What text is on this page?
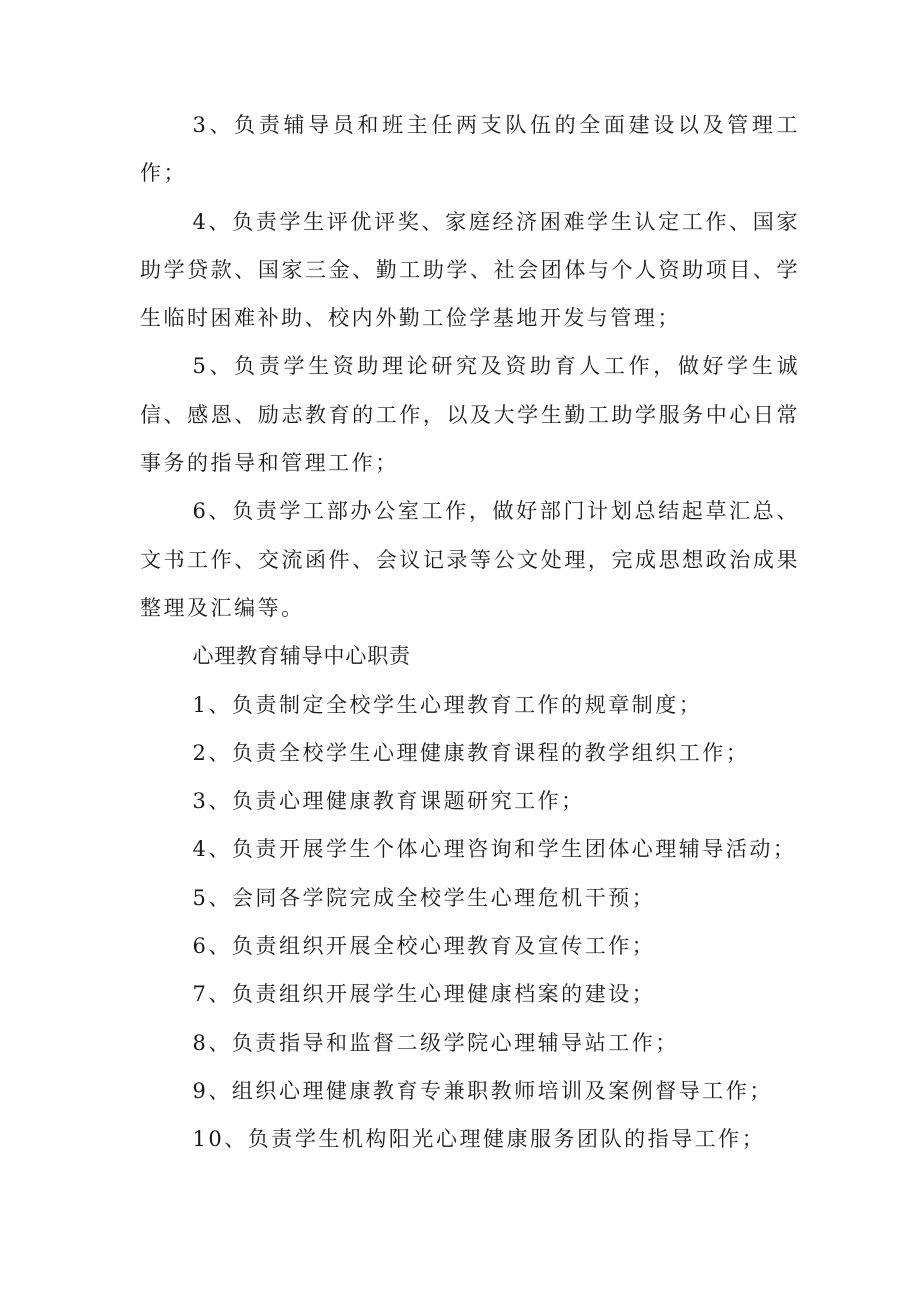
3、负责辅导员和班主任两支队伍的全面建设以及管理工作；

4、负责学生评优评奖、家庭经济困难学生认定工作、国家助学贷款、国家三金、勤工助学、社会团体与个人资助项目、学生临时困难补助、校内外勤工俭学基地开发与管理；

5、负责学生资助理论研究及资助育人工作，做好学生诚信、感恩、励志教育的工作，以及大学生勤工助学服务中心日常事务的指导和管理工作；

6、负责学工部办公室工作，做好部门计划总结起草汇总、文书工作、交流函件、会议记录等公文处理，完成思想政治成果整理及汇编等。

心理教育辅导中心职责

1、负责制定全校学生心理教育工作的规章制度；

2、负责全校学生心理健康教育课程的教学组织工作；

3、负责心理健康教育课题研究工作；

4、负责开展学生个体心理咨询和学生团体心理辅导活动；

5、会同各学院完成全校学生心理危机干预；

6、负责组织开展全校心理教育及宣传工作；

7、负责组织开展学生心理健康档案的建设；

8、负责指导和监督二级学院心理辅导站工作；

9、组织心理健康教育专兼职教师培训及案例督导工作；

10、负责学生机构阳光心理健康服务团队的指导工作；
